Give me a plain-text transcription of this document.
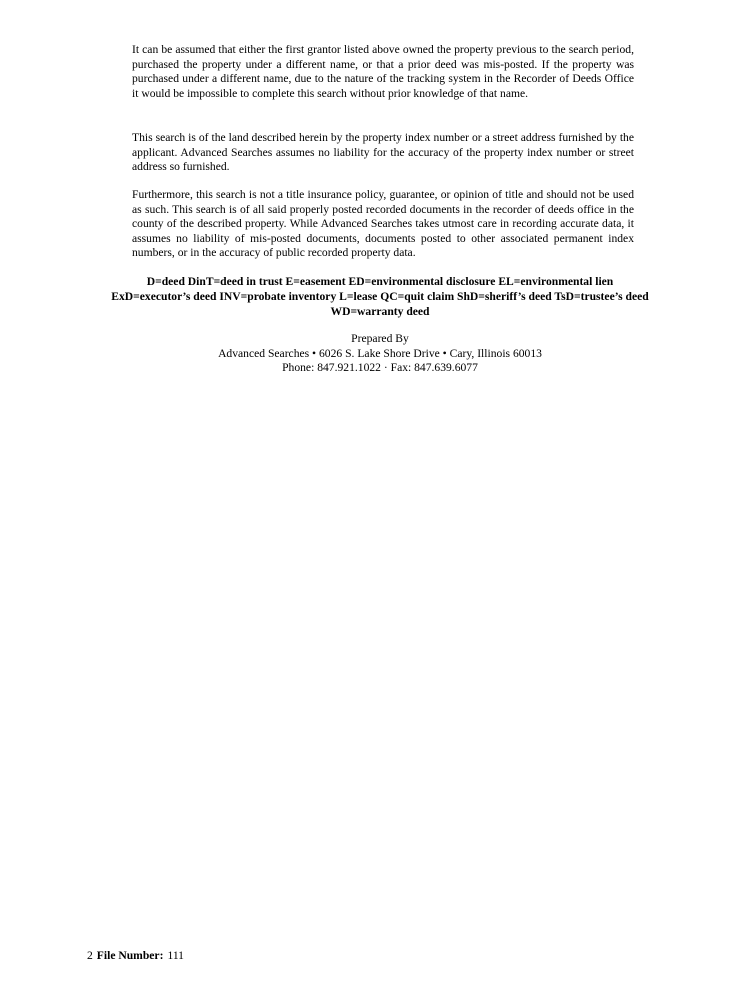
It can be assumed that either the first grantor listed above owned the property previous to the search period, purchased the property under a different name, or that a prior deed was mis-posted. If the property was purchased under a different name, due to the nature of the tracking system in the Recorder of Deeds Office it would be impossible to complete this search without prior knowledge of that name.

This search is of the land described herein by the property index number or a street address furnished by the applicant. Advanced Searches assumes no liability for the accuracy of the property index number or street address so furnished.

Furthermore, this search is not a title insurance policy, guarantee, or opinion of title and should not be used as such. This search is of all said properly posted recorded documents in the recorder of deeds office in the county of the described property. While Advanced Searches takes utmost care in recording accurate data, it assumes no liability of mis-posted documents, documents posted to other associated permanent index numbers, or in the accuracy of public recorded property data.

D=deed DinT=deed in trust E=easement ED=environmental disclosure EL=environmental lien
ExD=executor’s deed INV=probate inventory L=lease QC=quit claim ShD=sheriff’s deed TsD=trustee’s deed
WD=warranty deed
Prepared By
Advanced Searches • 6026 S. Lake Shore Drive • Cary, Illinois 60013
Phone: 847.921.1022 · Fax: 847.639.6077
2 File Number: 111
